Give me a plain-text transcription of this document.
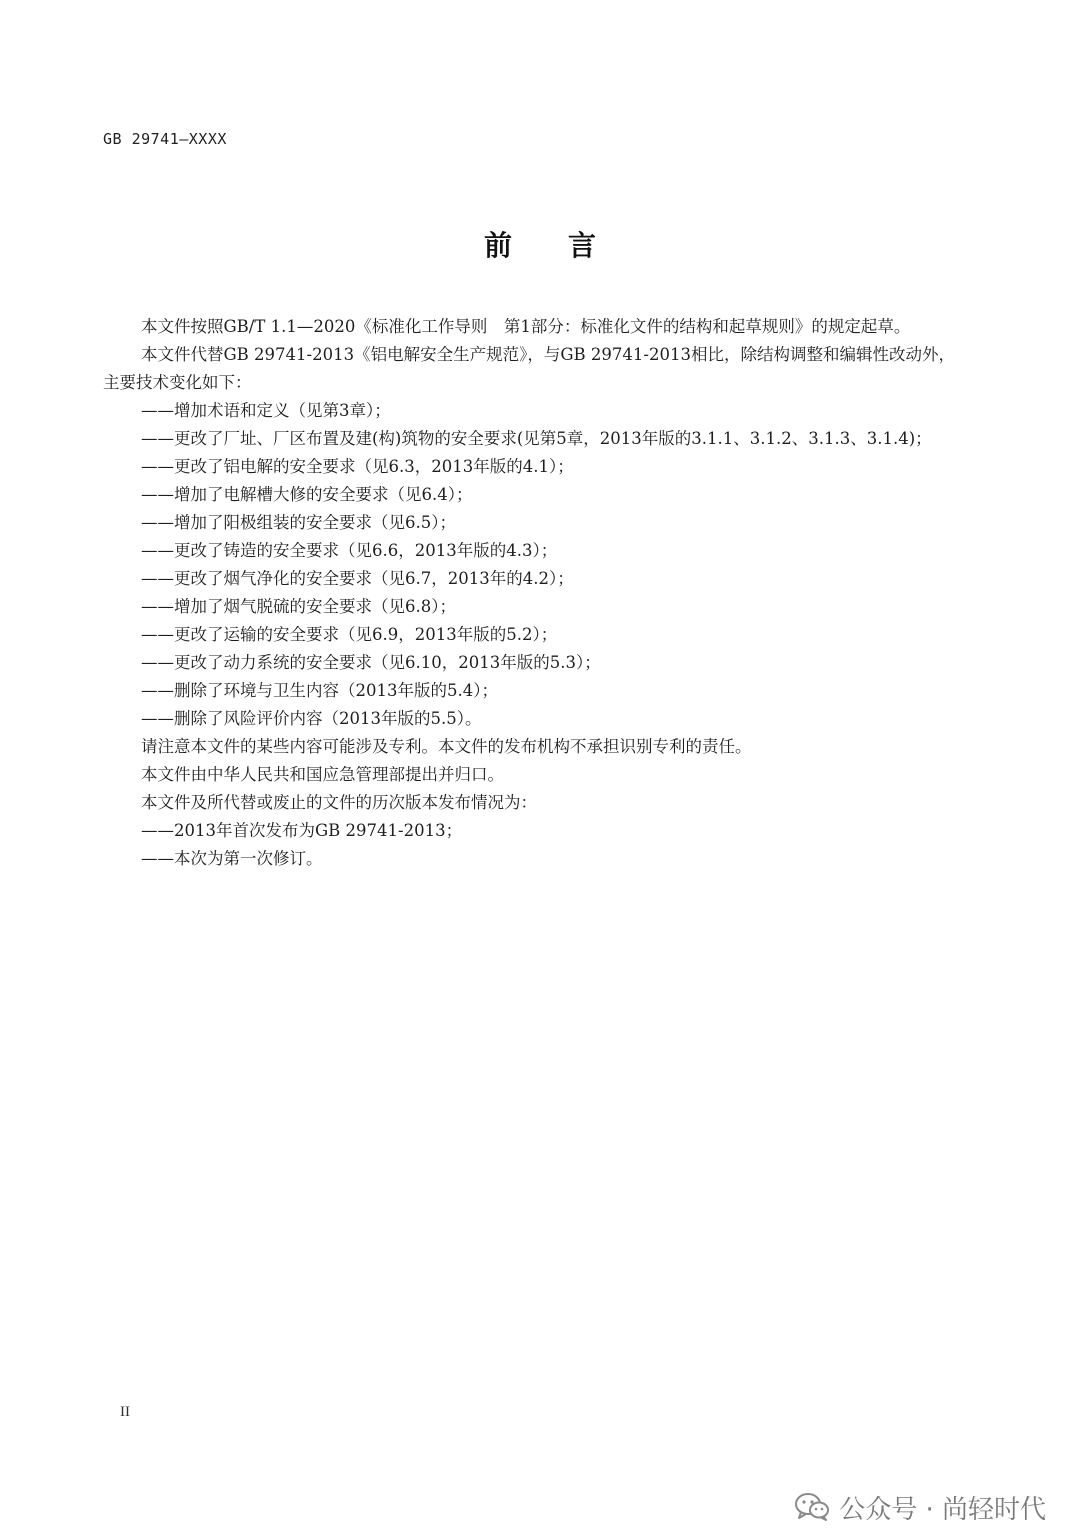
GB 29741—XXXX
前言

本文件按照GB/T 1.1—2020《标准化工作导则　第1部分：标准化文件的结构和起草规则》的规定起草。

本文件代替GB 29741-2013《铝电解安全生产规范》，与GB 29741-2013相比，除结构调整和编辑性改动外，主要技术变化如下：

——增加术语和定义（见第3章）；

——更改了厂址、厂区布置及建(构)筑物的安全要求(见第5章，2013年版的3.1.1、3.1.2、3.1.3、3.1.4)；

——更改了铝电解的安全要求（见6.3，2013年版的4.1）；

——增加了电解槽大修的安全要求（见6.4）；

——增加了阳极组装的安全要求（见6.5）；

——更改了铸造的安全要求（见6.6，2013年版的4.3）；

——更改了烟气净化的安全要求（见6.7，2013年的4.2）；

——增加了烟气脱硫的安全要求（见6.8）；

——更改了运输的安全要求（见6.9，2013年版的5.2）；

——更改了动力系统的安全要求（见6.10，2013年版的5.3）；

——删除了环境与卫生内容（2013年版的5.4）；

——删除了风险评价内容（2013年版的5.5）。

请注意本文件的某些内容可能涉及专利。本文件的发布机构不承担识别专利的责任。

本文件由中华人民共和国应急管理部提出并归口。

本文件及所代替或废止的文件的历次版本发布情况为：

——2013年首次发布为GB 29741-2013；

——本次为第一次修订。

II
公众号 · 尚轻时代
